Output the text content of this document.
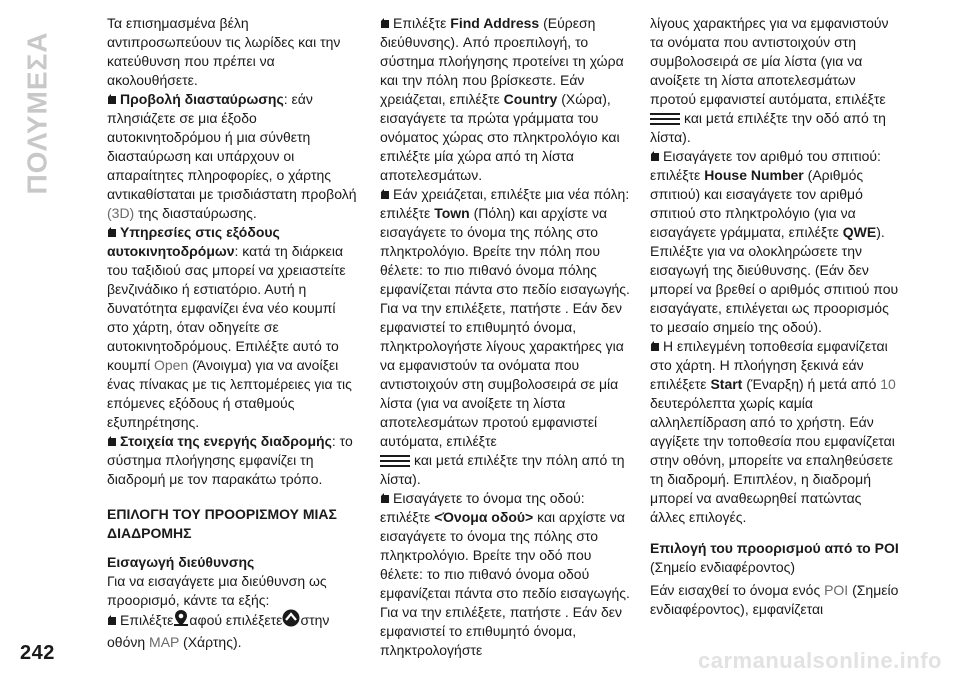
ΠΟΛΥΜΕΣΑ

Τα επισημασμένα βέλη αντιπροσωπεύουν τις λωρίδες και την κατεύθυνση που πρέπει να ακολουθήσετε.

Προβολή διασταύρωσης: εάν πλησιάζετε σε μια έξοδο αυτοκινητοδρόμου ή μια σύνθετη διασταύρωση και υπάρχουν οι απαραίτητες πληροφορίες, ο χάρτης αντικαθίσταται με τρισδιάστατη προβολή (3D) της διασταύρωσης.

Υπηρεσίες στις εξόδους αυτοκινητοδρόμων: κατά τη διάρκεια του ταξιδιού σας μπορεί να χρειαστείτε βενζινάδικο ή εστιατόριο. Αυτή η δυνατότητα εμφανίζει ένα νέο κουμπί στο χάρτη, όταν οδηγείτε σε αυτοκινητοδρόμους. Επιλέξτε αυτό το κουμπί Open (Άνοιγμα) για να ανοίξει ένας πίνακας με τις λεπτομέρειες για τις επόμενες εξόδους ή σταθμούς εξυπηρέτησης.

Στοιχεία της ενεργής διαδρομής: το σύστημα πλοήγησης εμφανίζει τη διαδρομή με τον παρακάτω τρόπο.

ΕΠΙΛΟΓΗ ΤΟΥ ΠΡΟΟΡΙΣΜΟΥ ΜΙΑΣ ΔΙΑΔΡΟΜΗΣ

Εισαγωγή διεύθυνσης

Για να εισαγάγετε μια διεύθυνση ως προορισμό, κάντε τα εξής:

Επιλέξτε αφού επιλέξετε στην οθόνη MAP (Χάρτης).

Επιλέξτε Find Address (Εύρεση διεύθυνσης). Από προεπιλογή, το σύστημα πλοήγησης προτείνει τη χώρα και την πόλη που βρίσκεστε. Εάν χρειάζεται, επιλέξτε Country (Χώρα), εισαγάγετε τα πρώτα γράμματα του ονόματος χώρας στο πληκτρολόγιο και επιλέξτε μία χώρα από τη λίστα αποτελεσμάτων.

Εάν χρειάζεται, επιλέξτε μια νέα πόλη: επιλέξτε Town (Πόλη) και αρχίστε να εισαγάγετε το όνομα της πόλης στο πληκτρολόγιο. Βρείτε την πόλη που θέλετε: το πιο πιθανό όνομα πόλης εμφανίζεται πάντα στο πεδίο εισαγωγής. Για να την επιλέξετε, πατήστε . Εάν δεν εμφανιστεί το επιθυμητό όνομα, πληκτρολογήστε λίγους χαρακτήρες για να εμφανιστούν τα ονόματα που αντιστοιχούν στη συμβολοσειρά σε μία λίστα (για να ανοίξετε τη λίστα αποτελεσμάτων προτού εμφανιστεί αυτόματα, επιλέξτε
και μετά επιλέξτε την πόλη από τη λίστα).

Εισαγάγετε το όνομα της οδού: επιλέξτε <Όνομα οδού> και αρχίστε να εισαγάγετε το όνομα της πόλης στο πληκτρολόγιο. Βρείτε την οδό που θέλετε: το πιο πιθανό όνομα οδού εμφανίζεται πάντα στο πεδίο εισαγωγής. Για να την επιλέξετε, πατήστε . Εάν δεν εμφανιστεί το επιθυμητό όνομα, πληκτρολογήστε

λίγους χαρακτήρες για να εμφανιστούν τα ονόματα που αντιστοιχούν στη συμβολοσειρά σε μία λίστα (για να ανοίξετε τη λίστα αποτελεσμάτων προτού εμφανιστεί αυτόματα, επιλέξτε
και μετά επιλέξτε την οδό από τη λίστα).

Εισαγάγετε τον αριθμό του σπιτιού: επιλέξτε House Number (Αριθμός σπιτιού) και εισαγάγετε τον αριθμό σπιτιού στο πληκτρολόγιο (για να εισαγάγετε γράμματα, επιλέξτε QWE). Επιλέξτε για να ολοκληρώσετε την εισαγωγή της διεύθυνσης. (Εάν δεν μπορεί να βρεθεί ο αριθμός σπιτιού που εισαγάγατε, επιλέγεται ως προορισμός το μεσαίο σημείο της οδού).

Η επιλεγμένη τοποθεσία εμφανίζεται στο χάρτη. Η πλοήγηση ξεκινά εάν επιλέξετε Start (Έναρξη) ή μετά από 10 δευτερόλεπτα χωρίς καμία αλληλεπίδραση από το χρήστη. Εάν αγγίξετε την τοποθεσία που εμφανίζεται στην οθόνη, μπορείτε να επαληθεύσετε τη διαδρομή. Επιπλέον, η διαδρομή μπορεί να αναθεωρηθεί πατώντας άλλες επιλογές.

Επιλογή του προορισμού από το POI

(Σημείο ενδιαφέροντος)

Εάν εισαχθεί το όνομα ενός POI (Σημείο ενδιαφέροντος), εμφανίζεται

242	carmanualsonline.info
